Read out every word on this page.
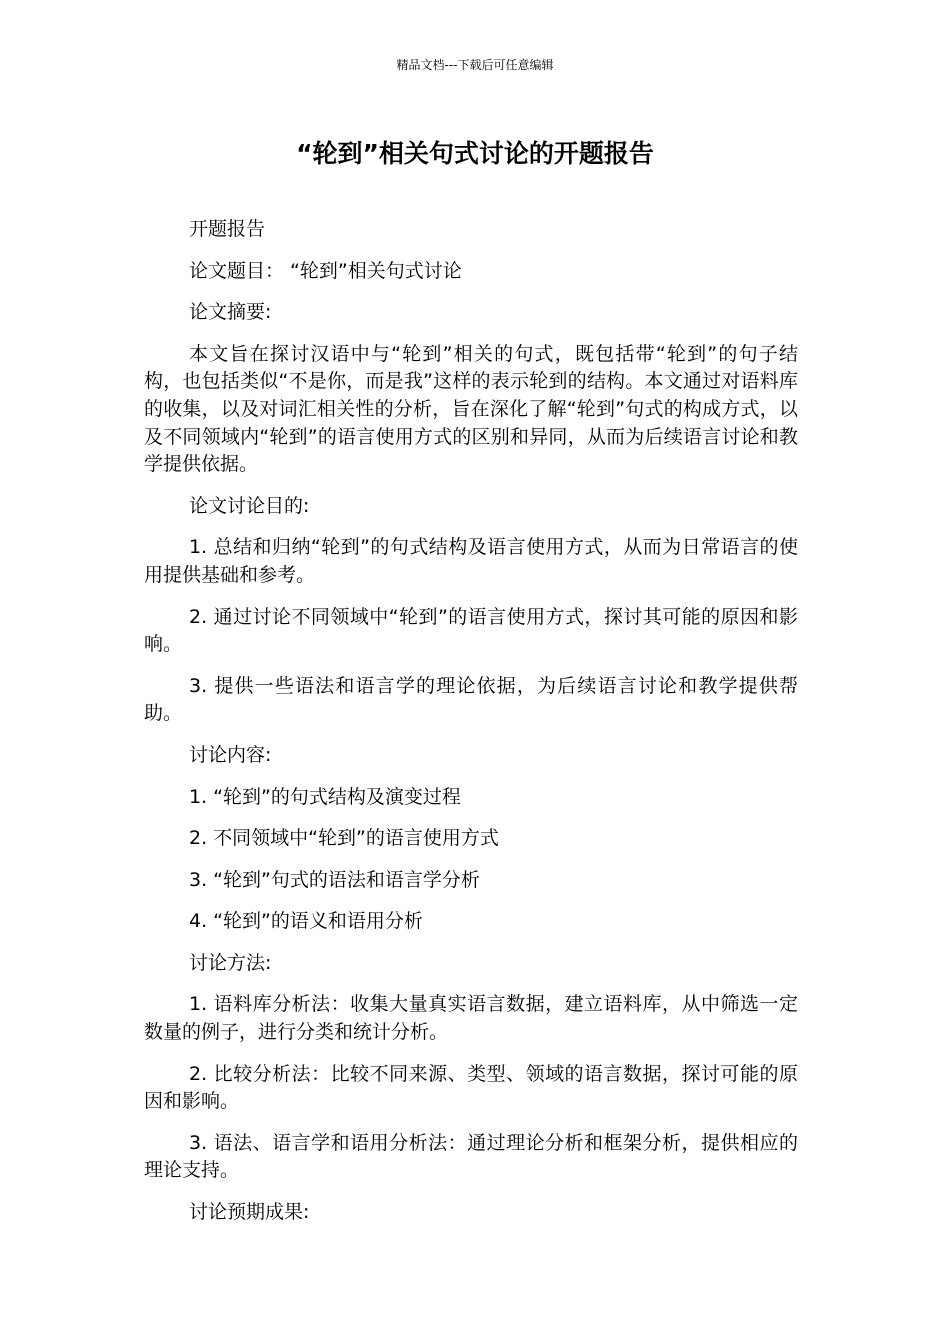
精品文档---下载后可任意编辑
“轮到”相关句式讨论的开题报告

开题报告

论文题目： “轮到”相关句式讨论

论文摘要:

本文旨在探讨汉语中与“轮到”相关的句式，既包括带“轮到”的句子结构，也包括类似“不是你，而是我”这样的表示轮到的结构。本文通过对语料库的收集，以及对词汇相关性的分析，旨在深化了解“轮到”句式的构成方式，以及不同领域内“轮到”的语言使用方式的区别和异同，从而为后续语言讨论和教学提供依据。

论文讨论目的:

1. 总结和归纳“轮到”的句式结构及语言使用方式，从而为日常语言的使用提供基础和参考。

2. 通过讨论不同领域中“轮到”的语言使用方式，探讨其可能的原因和影响。

3. 提供一些语法和语言学的理论依据，为后续语言讨论和教学提供帮助。

讨论内容:

1. “轮到”的句式结构及演变过程

2. 不同领域中“轮到”的语言使用方式

3. “轮到”句式的语法和语言学分析

4. “轮到”的语义和语用分析

讨论方法:

1. 语料库分析法：收集大量真实语言数据，建立语料库，从中筛选一定数量的例子，进行分类和统计分析。

2. 比较分析法：比较不同来源、类型、领域的语言数据，探讨可能的原因和影响。

3. 语法、语言学和语用分析法：通过理论分析和框架分析，提供相应的理论支持。

讨论预期成果:
